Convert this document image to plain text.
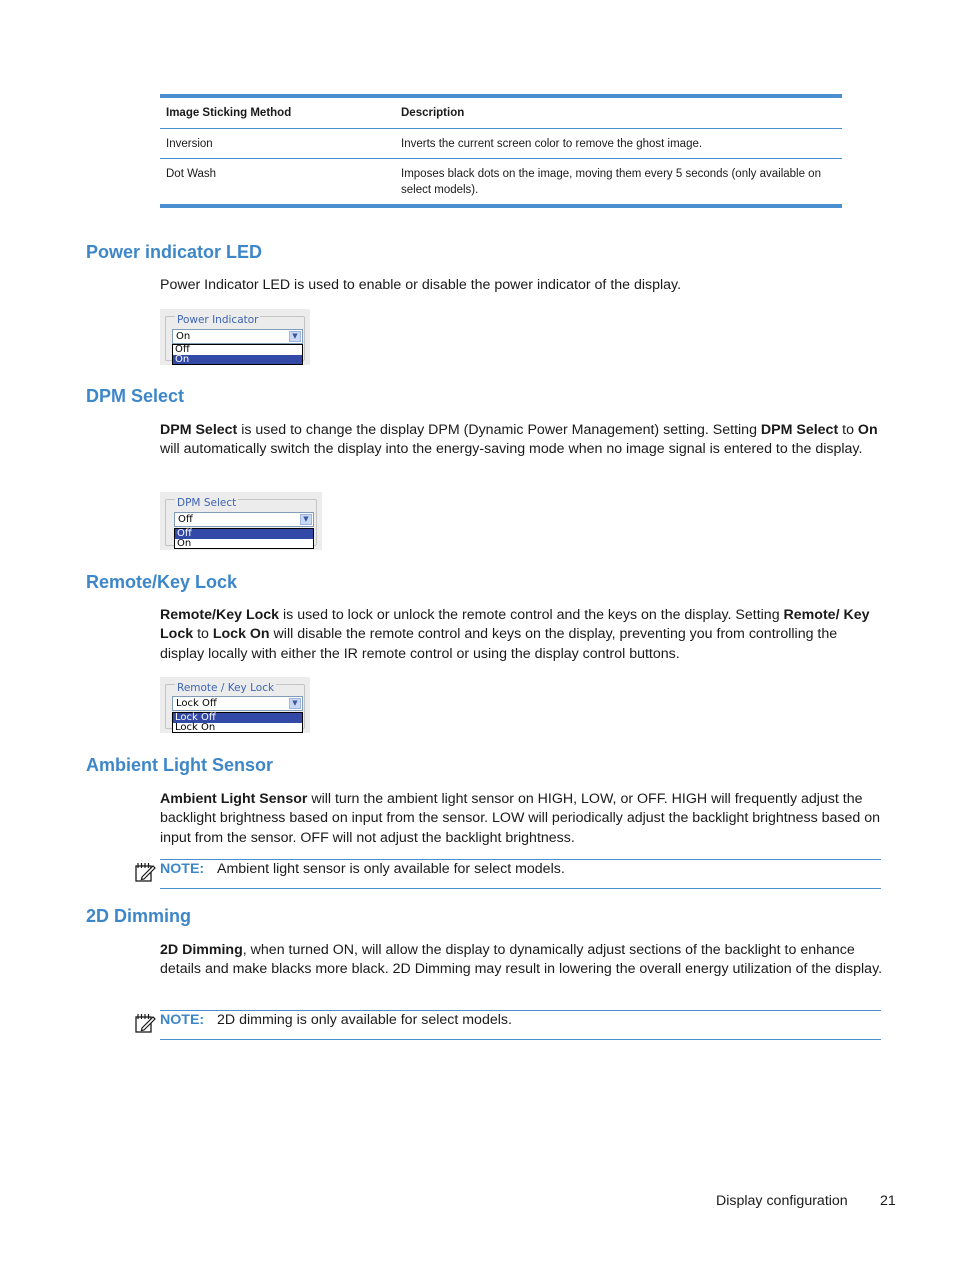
Image Sticking Method	Description
Inversion	Inverts the current screen color to remove the ghost image.
Dot Wash	Imposes black dots on the image, moving them every 5 seconds (only available on select models).
Power indicator LED
Power Indicator LED is used to enable or disable the power indicator of the display.
Power Indicator
On	▼
Off
On
DPM Select
DPM Select is used to change the display DPM (Dynamic Power Management) setting. Setting DPM Select to On will automatically switch the display into the energy-saving mode when no image signal is entered to the display.
DPM Select
Off	▼
Off
On
Remote/Key Lock
Remote/Key Lock is used to lock or unlock the remote control and the keys on the display. Setting Remote/ Key Lock to Lock On will disable the remote control and keys on the display, preventing you from controlling the display locally with either the IR remote control or using the display control buttons.
Remote / Key Lock
Lock Off	▼
Lock Off
Lock On
Ambient Light Sensor
Ambient Light Sensor will turn the ambient light sensor on HIGH, LOW, or OFF. HIGH will frequently adjust the backlight brightness based on input from the sensor. LOW will periodically adjust the backlight brightness based on input from the sensor. OFF will not adjust the backlight brightness.
NOTE: Ambient light sensor is only available for select models.
2D Dimming
2D Dimming, when turned ON, will allow the display to dynamically adjust sections of the backlight to enhance details and make blacks more black. 2D Dimming may result in lowering the overall energy utilization of the display.
NOTE: 2D dimming is only available for select models.
Display configuration 21
